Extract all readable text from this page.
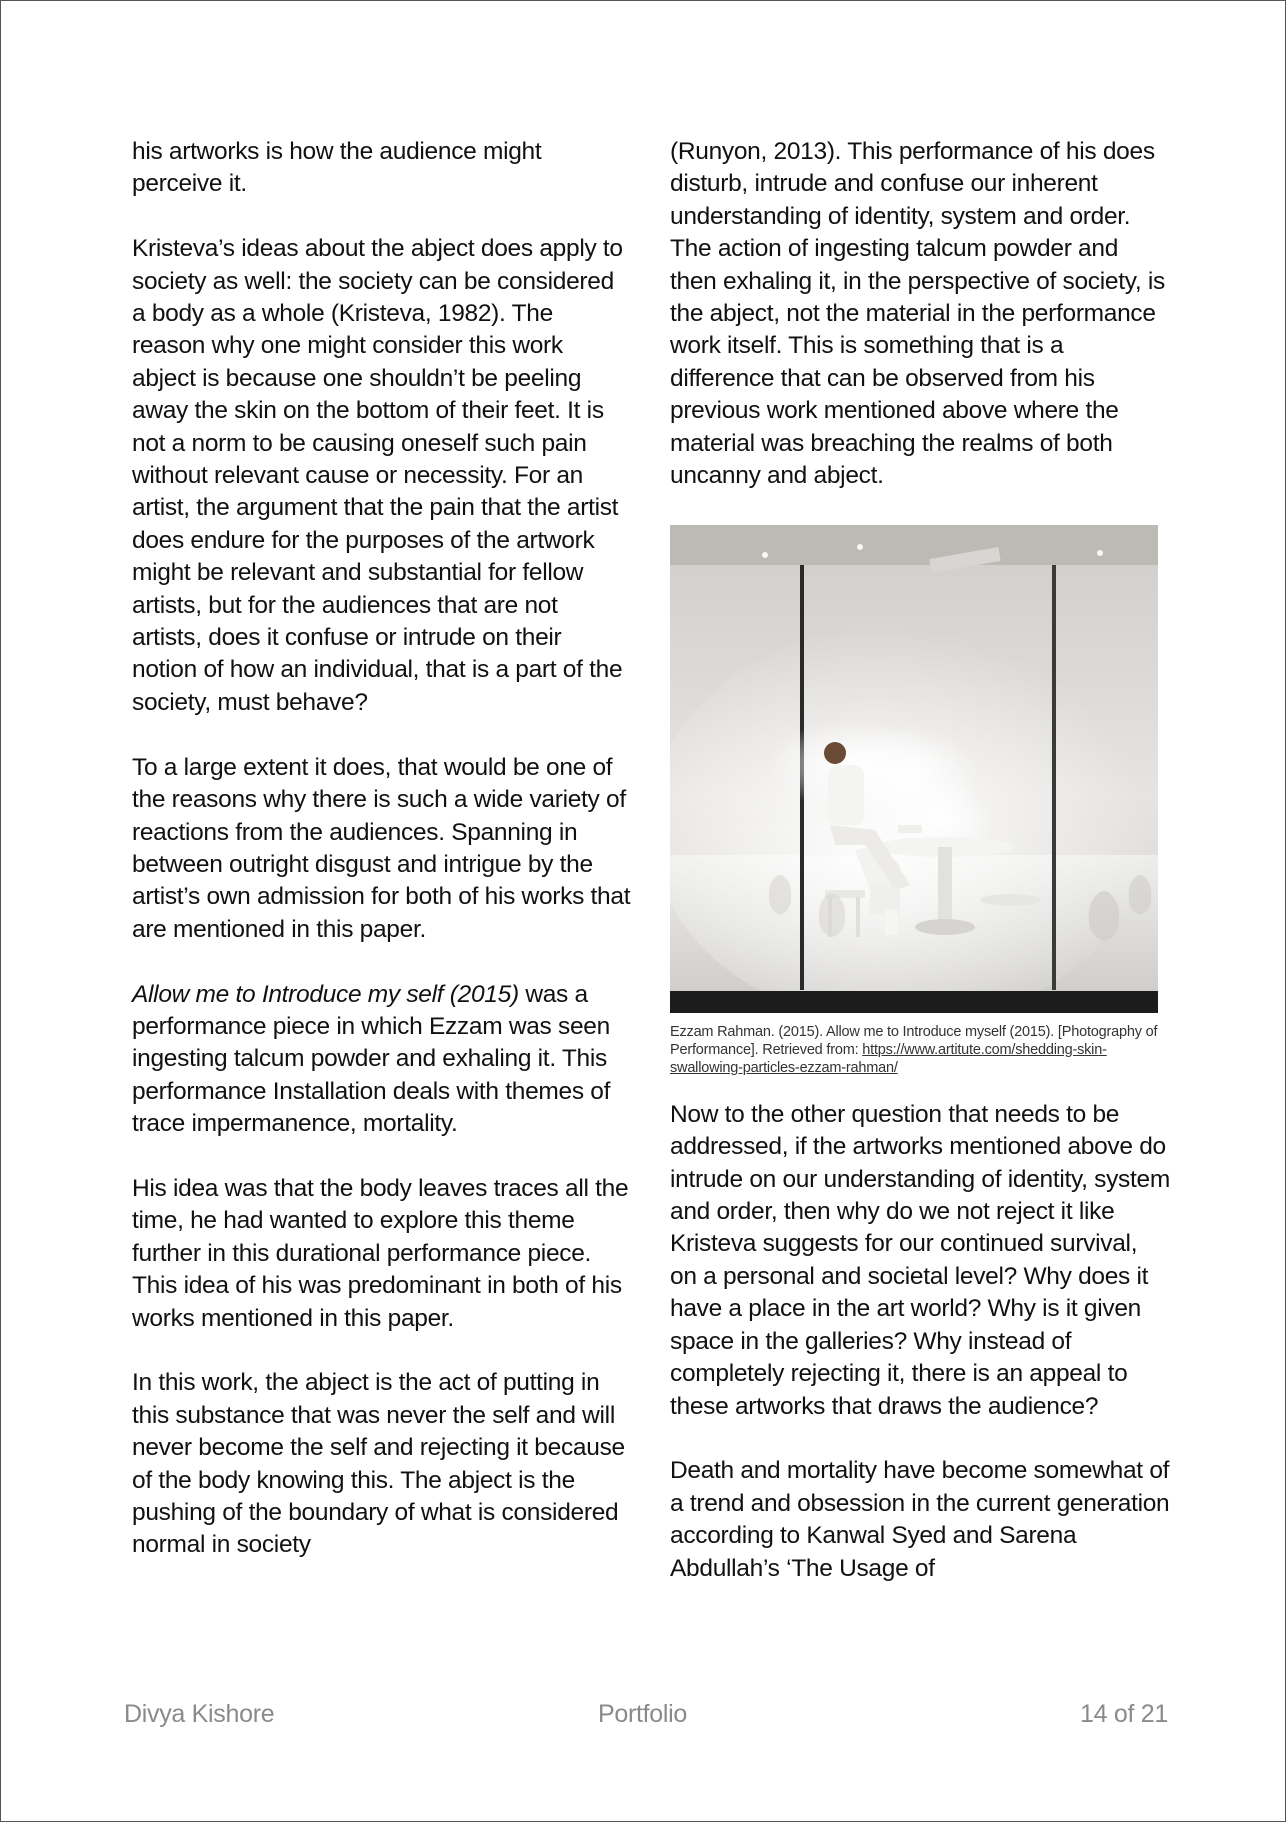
his artworks is how the audience might perceive it.

Kristeva’s ideas about the abject does apply to society as well: the society can be considered a body as a whole (Kristeva, 1982). The reason why one might consider this work abject is because one shouldn’t be peeling away the skin on the bottom of their feet. It is not a norm to be causing oneself such pain without relevant cause or necessity. For an artist, the argument that the pain that the artist does endure for the purposes of the artwork might be relevant and substantial for fellow artists, but for the audiences that are not artists, does it confuse or intrude on their notion of how an individual, that is a part of the society, must behave?

To a large extent it does, that would be one of the reasons why there is such a wide variety of reactions from the audiences. Spanning in between outright disgust and intrigue by the artist’s own admission for both of his works that are mentioned in this paper.

Allow me to Introduce my self (2015) was a performance piece in which Ezzam was seen ingesting talcum powder and exhaling it. This performance Installation deals with themes of trace impermanence, mortality.

His idea was that the body leaves traces all the time, he had wanted to explore this theme further in this durational performance piece. This idea of his was predominant in both of his works mentioned in this paper.

In this work, the abject is the act of putting in this substance that was never the self and will never become the self and rejecting it because of the body knowing this. The abject is the pushing of the boundary of what is considered normal in society

(Runyon, 2013). This performance of his does disturb, intrude and confuse our inherent understanding of identity, system and order. The action of ingesting talcum powder and then exhaling it, in the perspective of society, is the abject, not the material in the performance work itself. This is something that is a difference that can be observed from his previous work mentioned above where the material was breaching the realms of both uncanny and abject.

Ezzam Rahman. (2015). Allow me to Introduce myself (2015). [Photography of Performance]. Retrieved from: https://www.artitute.com/shedding-skin-swallowing-particles-ezzam-rahman/

Now to the other question that needs to be addressed, if the artworks mentioned above do intrude on our understanding of identity, system and order, then why do we not reject it like Kristeva suggests for our continued survival, on a personal and societal level? Why does it have a place in the art world? Why is it given space in the galleries? Why instead of completely rejecting it, there is an appeal to these artworks that draws the audience?

Death and mortality have become somewhat of a trend and obsession in the current generation according to Kanwal Syed and Sarena Abdullah’s ‘The Usage of

Divya Kishore	Portfolio	14 of 21
